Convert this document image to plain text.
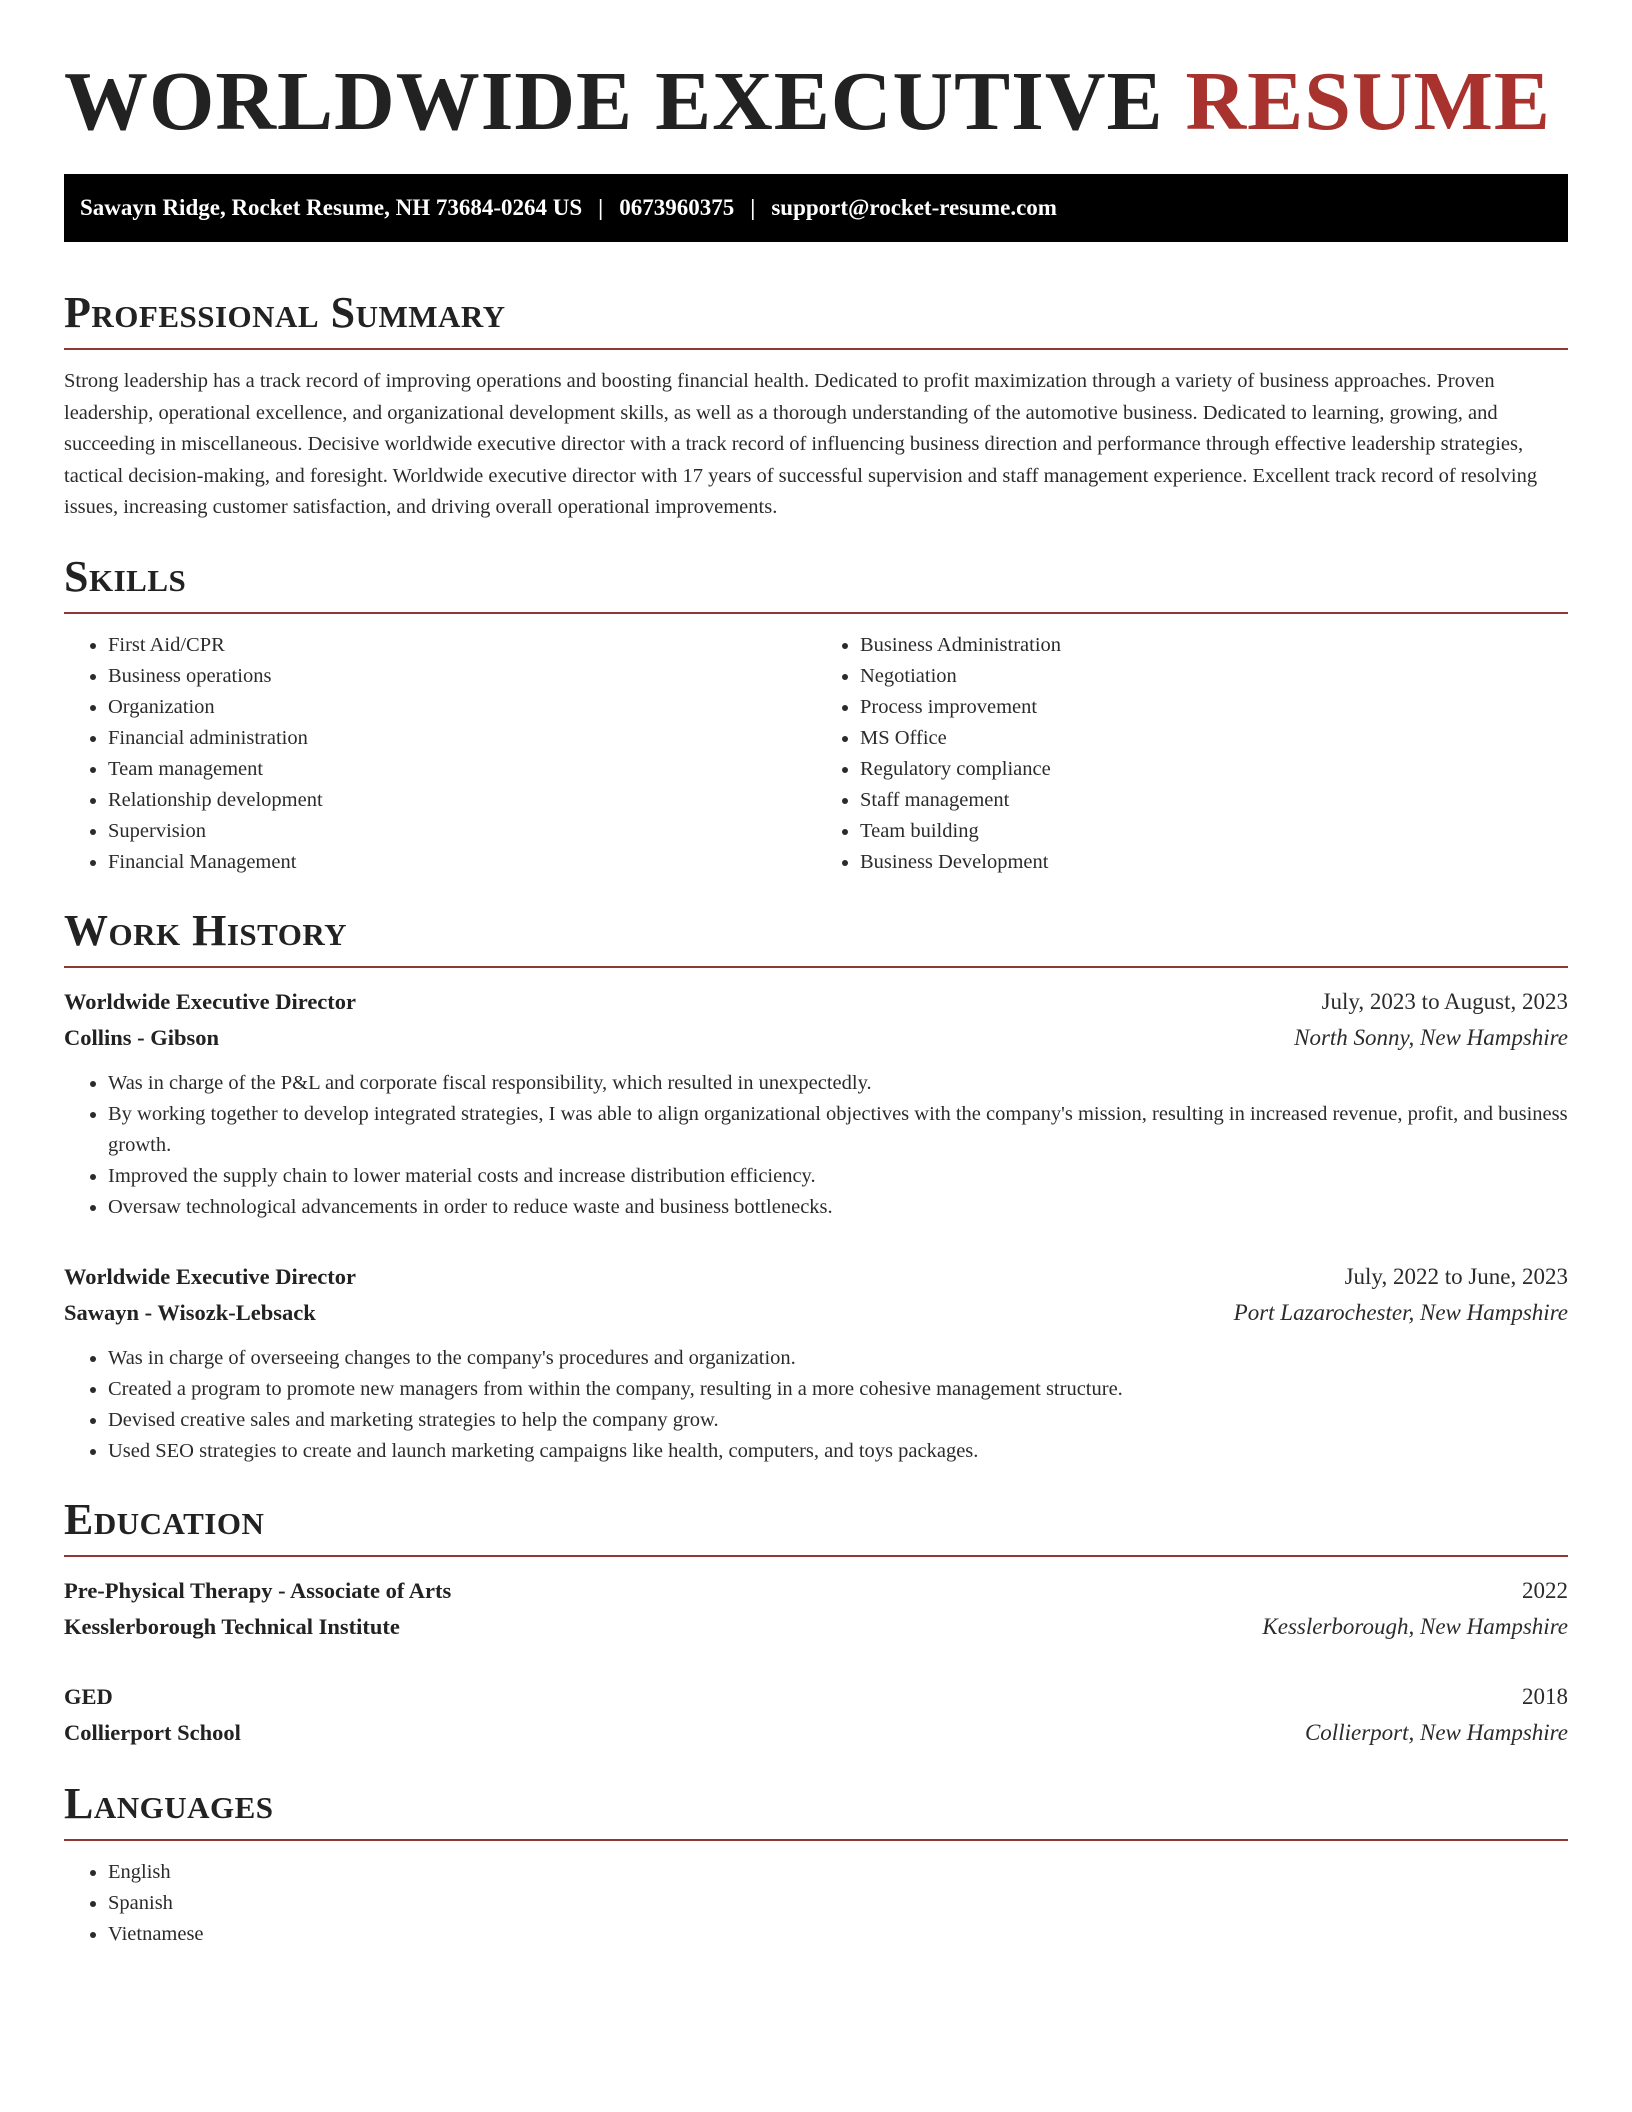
WORLDWIDE EXECUTIVE RESUME
Sawayn Ridge, Rocket Resume, NH 73684-0264 US | 0673960375 | support@rocket-resume.com
Professional Summary

Strong leadership has a track record of improving operations and boosting financial health. Dedicated to profit maximization through a variety of business approaches. Proven leadership, operational excellence, and organizational development skills, as well as a thorough understanding of the automotive business. Dedicated to learning, growing, and succeeding in miscellaneous. Decisive worldwide executive director with a track record of influencing business direction and performance through effective leadership strategies, tactical decision-making, and foresight. Worldwide executive director with 17 years of successful supervision and staff management experience. Excellent track record of resolving issues, increasing customer satisfaction, and driving overall operational improvements.

Skills
• First Aid/CPR
• Business operations
• Organization
• Financial administration
• Team management
• Relationship development
• Supervision
• Financial Management
• Business Administration
• Negotiation
• Process improvement
• MS Office
• Regulatory compliance
• Staff management
• Team building
• Business Development
Work History
Worldwide Executive Director	July, 2023 to August, 2023
Collins - Gibson	North Sonny, New Hampshire
• Was in charge of the P&L and corporate fiscal responsibility, which resulted in unexpectedly.
• By working together to develop integrated strategies, I was able to align organizational objectives with the company's mission, resulting in increased revenue, profit, and business growth.
• Improved the supply chain to lower material costs and increase distribution efficiency.
• Oversaw technological advancements in order to reduce waste and business bottlenecks.
Worldwide Executive Director	July, 2022 to June, 2023
Sawayn - Wisozk-Lebsack	Port Lazarochester, New Hampshire
• Was in charge of overseeing changes to the company's procedures and organization.
• Created a program to promote new managers from within the company, resulting in a more cohesive management structure.
• Devised creative sales and marketing strategies to help the company grow.
• Used SEO strategies to create and launch marketing campaigns like health, computers, and toys packages.
Education
Pre-Physical Therapy - Associate of Arts	2022
Kesslerborough Technical Institute	Kesslerborough, New Hampshire
GED	2018
Collierport School	Collierport, New Hampshire
Languages
• English
• Spanish
• Vietnamese
